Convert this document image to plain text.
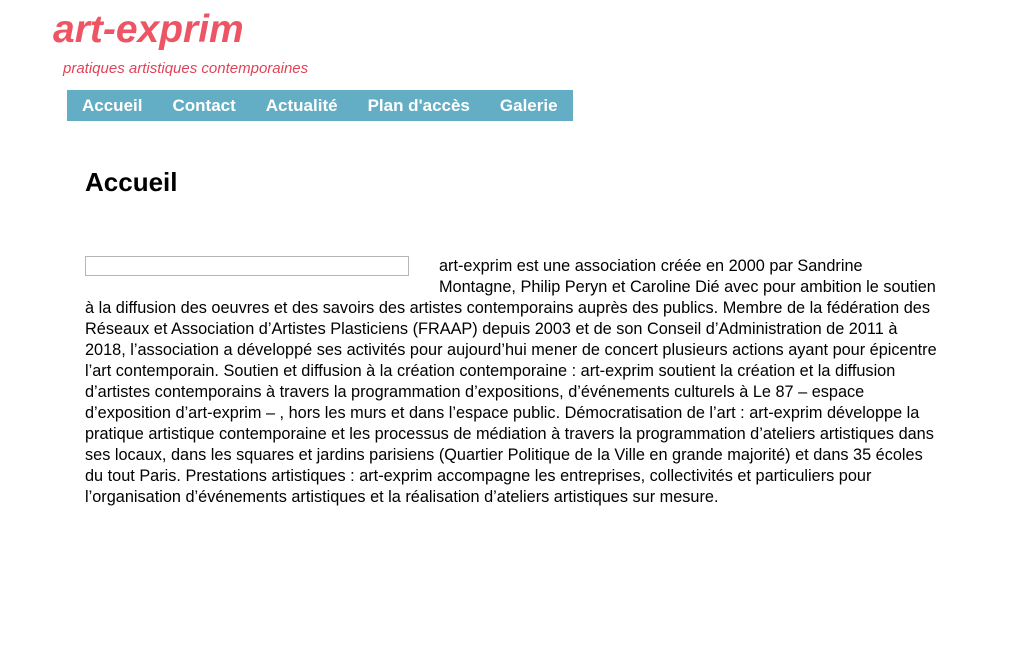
art-exprim

pratiques artistiques contemporaines

Accueil Contact Actualité Plan d'accès Galerie
Accueil

art-exprim est une association créée en 2000 par Sandrine Montagne, Philip Peryn et Caroline Dié avec pour ambition le soutien à la diffusion des oeuvres et des savoirs des artistes contemporains auprès des publics. Membre de la fédération des Réseaux et Association d’Artistes Plasticiens (FRAAP) depuis 2003 et de son Conseil d’Administration de 2011 à 2018, l’association a développé ses activités pour aujourd’hui mener de concert plusieurs actions ayant pour épicentre l’art contemporain. Soutien et diffusion à la création contemporaine : art-exprim soutient la création et la diffusion d’artistes contemporains à travers la programmation d’expositions, d’événements culturels à Le 87 – espace d’exposition d’art-exprim – , hors les murs et dans l’espace public. Démocratisation de l’art : art-exprim développe la pratique artistique contemporaine et les processus de médiation à travers la programmation d’ateliers artistiques dans ses locaux, dans les squares et jardins parisiens (Quartier Politique de la Ville en grande majorité) et dans 35 écoles du tout Paris. Prestations artistiques : art-exprim accompagne les entreprises, collectivités et particuliers pour l’organisation d’événements artistiques et la réalisation d’ateliers artistiques sur mesure.
